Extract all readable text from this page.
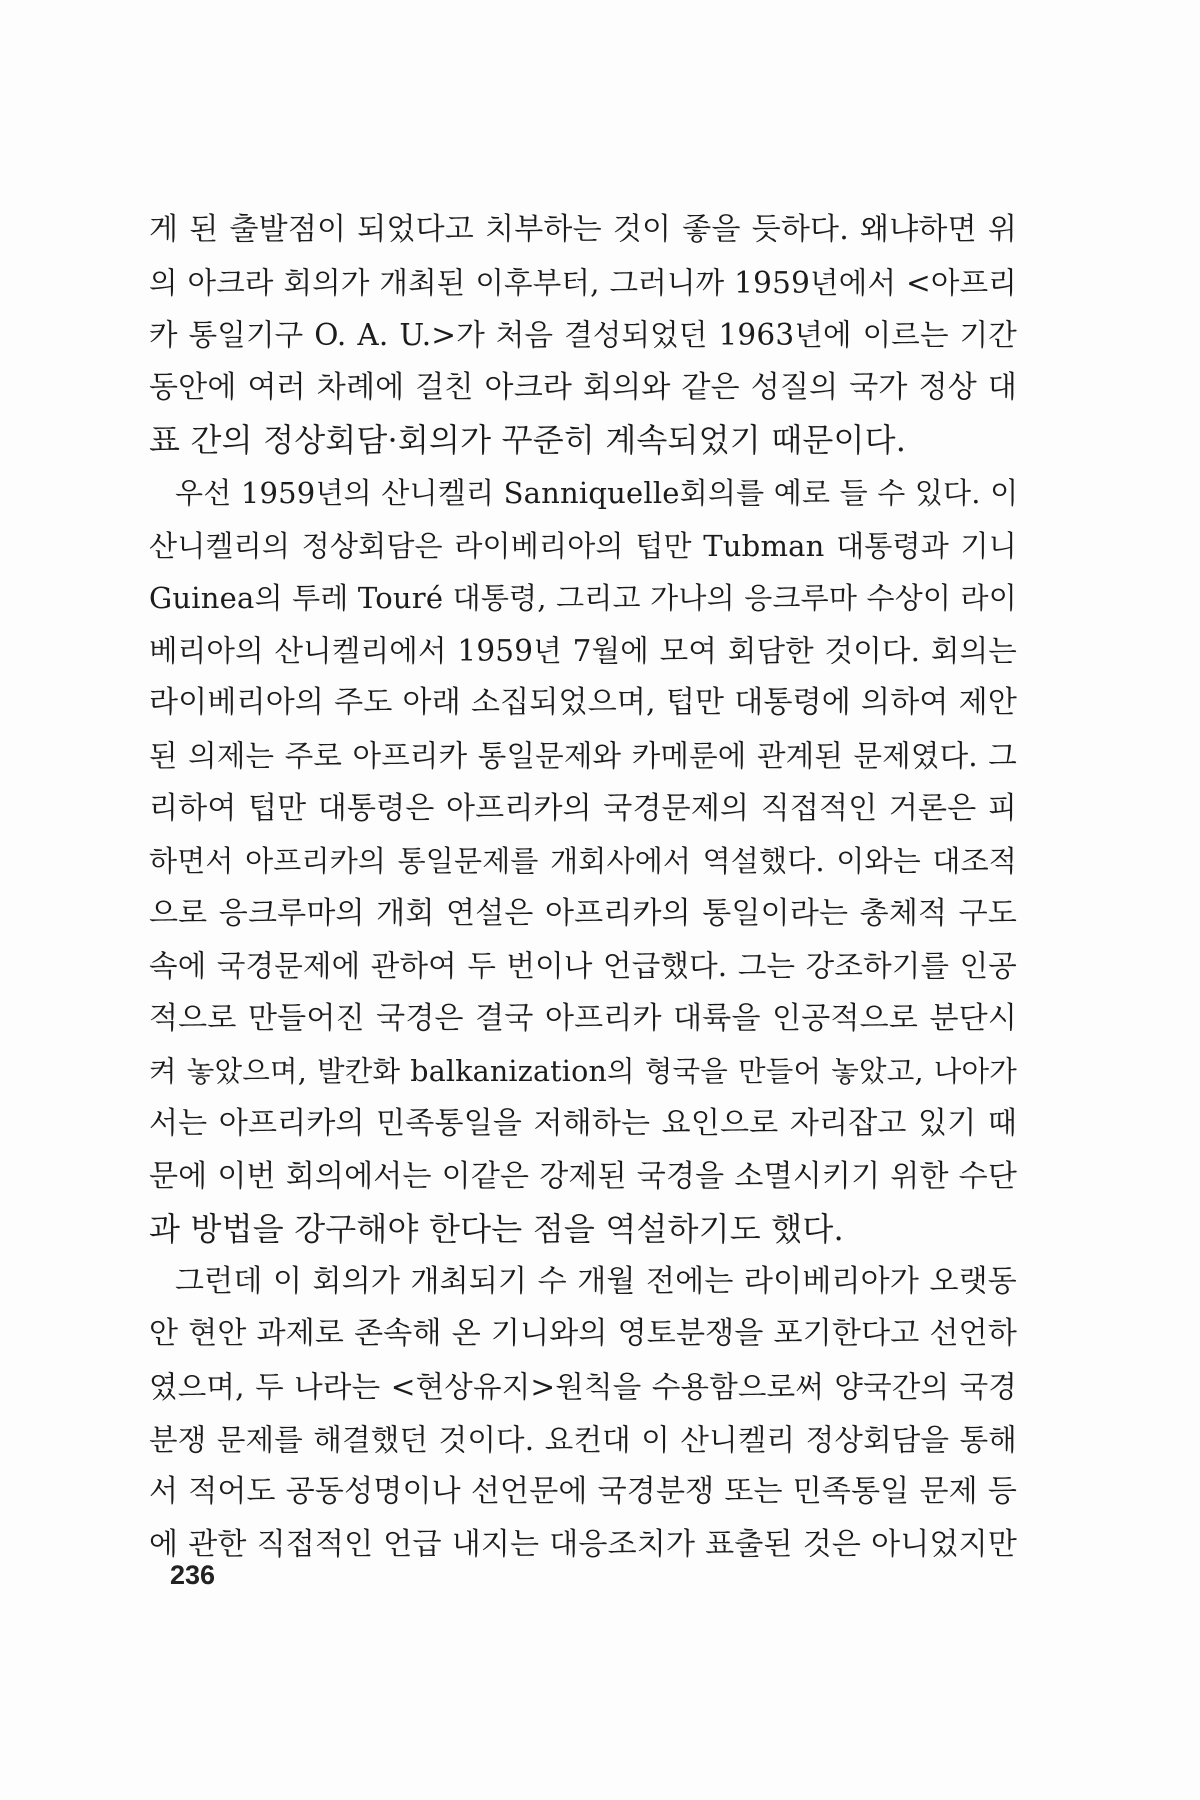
게 된 출발점이 되었다고 치부하는 것이 좋을 듯하다. 왜냐하면 위
의 아크라 회의가 개최된 이후부터, 그러니까 1959년에서 <아프리
카 통일기구 O. A. U.>가 처음 결성되었던 1963년에 이르는 기간
동안에 여러 차례에 걸친 아크라 회의와 같은 성질의 국가 정상 대
표 간의 정상회담·회의가 꾸준히 계속되었기 때문이다.
우선 1959년의 산니켈리 Sanniquelle회의를 예로 들 수 있다. 이
산니켈리의 정상회담은 라이베리아의 텁만 Tubman 대통령과 기니
Guinea의 투레 Touré 대통령, 그리고 가나의 응크루마 수상이 라이
베리아의 산니켈리에서 1959년 7월에 모여 회담한 것이다. 회의는
라이베리아의 주도 아래 소집되었으며, 텁만 대통령에 의하여 제안
된 의제는 주로 아프리카 통일문제와 카메룬에 관계된 문제였다. 그
리하여 텁만 대통령은 아프리카의 국경문제의 직접적인 거론은 피
하면서 아프리카의 통일문제를 개회사에서 역설했다. 이와는 대조적
으로 응크루마의 개회 연설은 아프리카의 통일이라는 총체적 구도
속에 국경문제에 관하여 두 번이나 언급했다. 그는 강조하기를 인공
적으로 만들어진 국경은 결국 아프리카 대륙을 인공적으로 분단시
켜 놓았으며, 발칸화 balkanization의 형국을 만들어 놓았고, 나아가
서는 아프리카의 민족통일을 저해하는 요인으로 자리잡고 있기 때
문에 이번 회의에서는 이같은 강제된 국경을 소멸시키기 위한 수단
과 방법을 강구해야 한다는 점을 역설하기도 했다.
그런데 이 회의가 개최되기 수 개월 전에는 라이베리아가 오랫동
안 현안 과제로 존속해 온 기니와의 영토분쟁을 포기한다고 선언하
였으며, 두 나라는 <현상유지>원칙을 수용함으로써 양국간의 국경
분쟁 문제를 해결했던 것이다. 요컨대 이 산니켈리 정상회담을 통해
서 적어도 공동성명이나 선언문에 국경분쟁 또는 민족통일 문제 등
에 관한 직접적인 언급 내지는 대응조치가 표출된 것은 아니었지만
236
